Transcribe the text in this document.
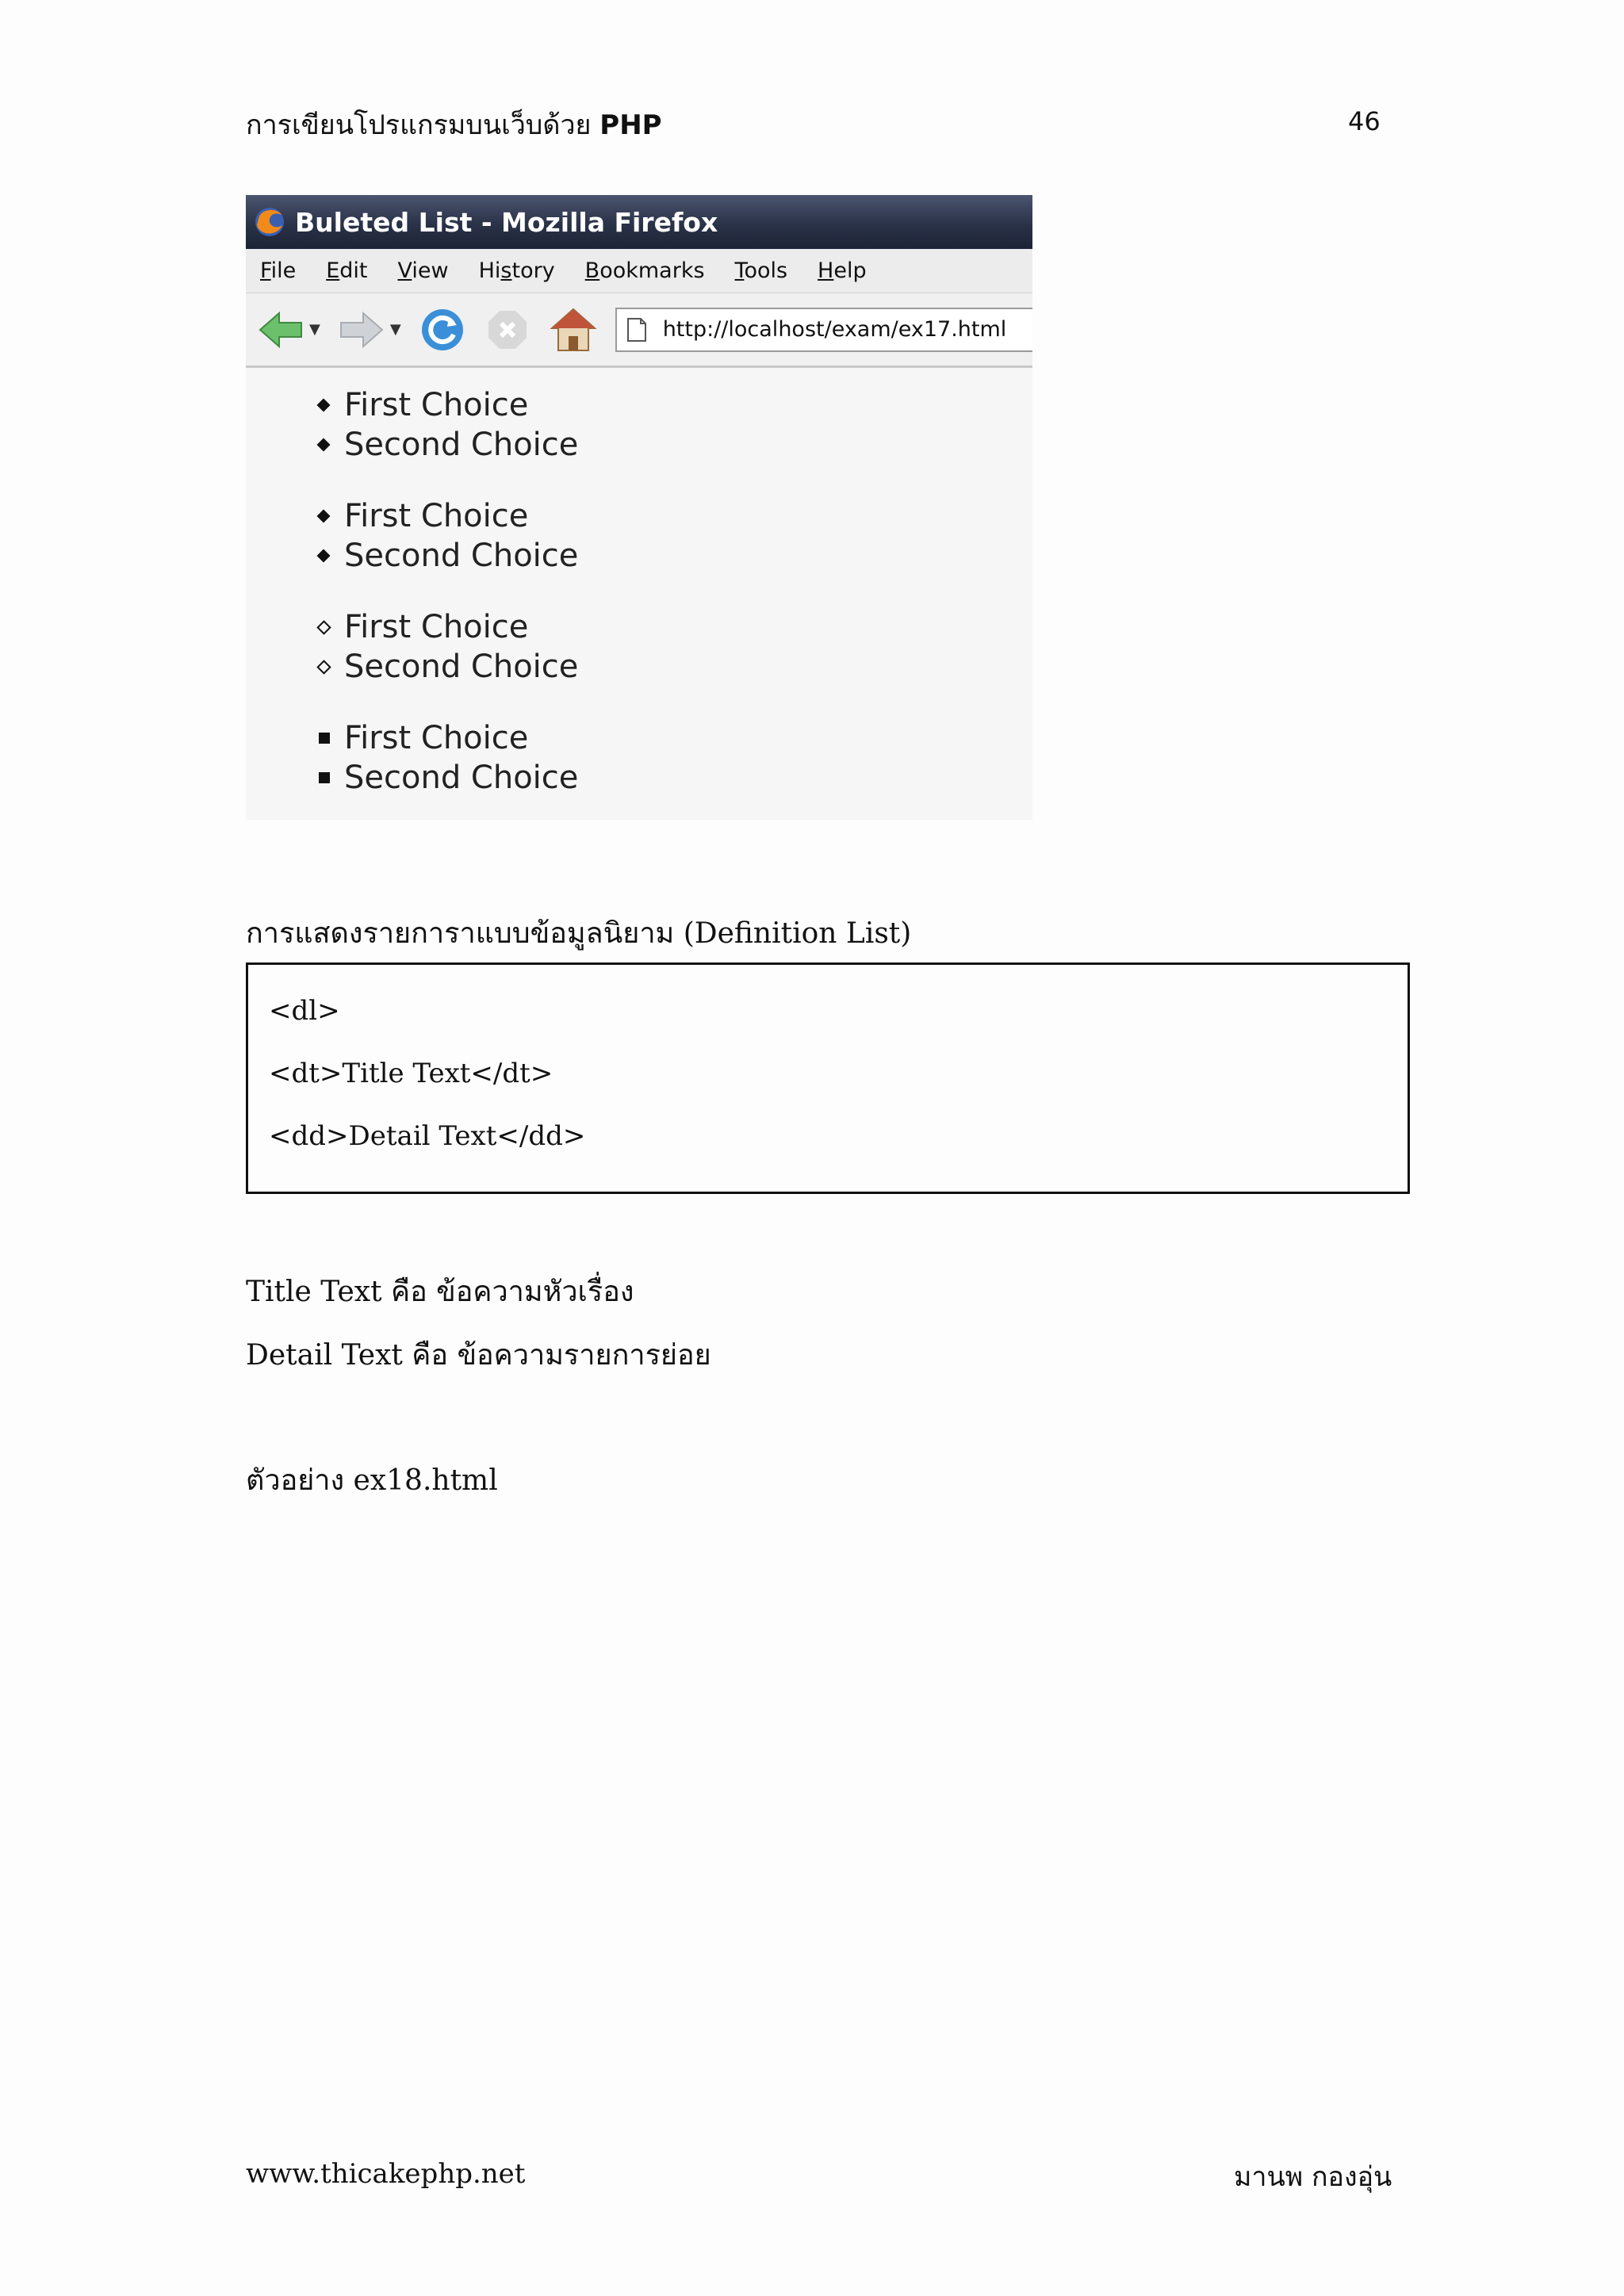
การเขียนโปรแกรมบนเว็บด้วย PHP	46
Buleted List - Mozilla Firefox
File Edit View History Bookmarks Tools Help
▼	▼	http://localhost/exam/ex17.html
First Choice
Second Choice
First Choice
Second Choice
First Choice
Second Choice
First Choice
Second Choice
การแสดงรายการาแบบข้อมูลนิยาม (Definition List)
<dl>
<dt>Title Text</dt>
<dd>Detail Text</dd>
Title Text คือ ข้อความหัวเรื่อง
Detail Text คือ ข้อความรายการย่อย
ตัวอย่าง ex18.html
www.thicakephp.net	มานพ กองอุ่น
